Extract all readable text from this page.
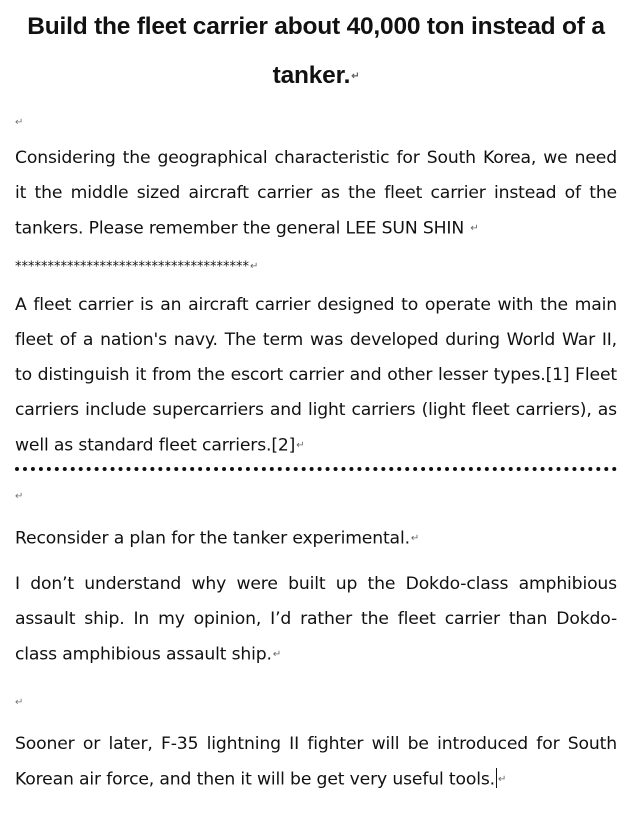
Build the fleet carrier about 40,000 ton instead of a tanker.↵
↵

Considering the geographical characteristic for South Korea, we need it the middle sized aircraft carrier as the fleet carrier instead of the tankers. Please remember the general LEE SUN SHIN ↵

************************************↵

A fleet carrier is an aircraft carrier designed to operate with the main fleet of a nation's navy. The term was developed during World War II, to distinguish it from the escort carrier and other lesser types.[1] Fleet carriers include supercarriers and light carriers (light fleet carriers), as well as standard fleet carriers.[2]↵

↵

Reconsider a plan for the tanker experimental.↵

I don’t understand why were built up the Dokdo-class amphibious assault ship. In my opinion, I’d rather the fleet carrier than Dokdo-class amphibious assault ship.↵

↵

Sooner or later, F-35 lightning II fighter will be introduced for South Korean air force, and then it will be get very useful tools. ↵
